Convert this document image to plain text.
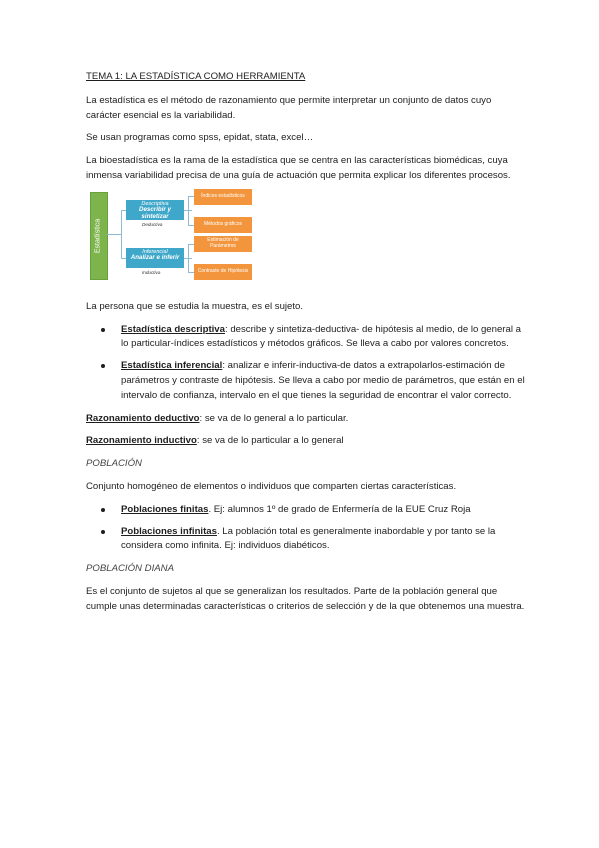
TEMA 1: LA ESTADÍSTICA COMO HERRAMIENTA

La estadística es el método de razonamiento que permite interpretar un conjunto de datos cuyo carácter esencial es la variabilidad.

Se usan programas como spss, epidat, stata, excel…

La bioestadística es la rama de la estadística que se centra en las características biomédicas, cuya inmensa variabilidad precisa de una guía de actuación que permita explicar los diferentes procesos.

Estadística
Descriptiva
Describir y sintetizar
Deductiva
Inferencial
Analizar e inferir
Inductiva
Índices estadísticos
Métodos gráficos
Estimación de Parámetros
Contraste de Hipótesis

La persona que se estudia la muestra, es el sujeto.

Estadística descriptiva: describe y sintetiza-deductiva- de hipótesis al medio, de lo general a lo particular-índices estadísticos y métodos gráficos. Se lleva a cabo por valores concretos.
Estadística inferencial: analizar e inferir-inductiva-de datos a extrapolarlos-estimación de parámetros y contraste de hipótesis. Se lleva a cabo por medio de parámetros, que están en el intervalo de confianza, intervalo en el que tienes la seguridad de encontrar el valor correcto.

Razonamiento deductivo: se va de lo general a lo particular.

Razonamiento inductivo: se va de lo particular a lo general

POBLACIÓN

Conjunto homogéneo de elementos o individuos que comparten ciertas características.

Poblaciones finitas. Ej: alumnos 1º de grado de Enfermería de la EUE Cruz Roja
Poblaciones infinitas. La población total es generalmente inabordable y por tanto se la considera como infinita. Ej: individuos diabéticos.

POBLACIÓN DIANA

Es el conjunto de sujetos al que se generalizan los resultados. Parte de la población general que cumple unas determinadas características o criterios de selección y de la que obtenemos una muestra.
